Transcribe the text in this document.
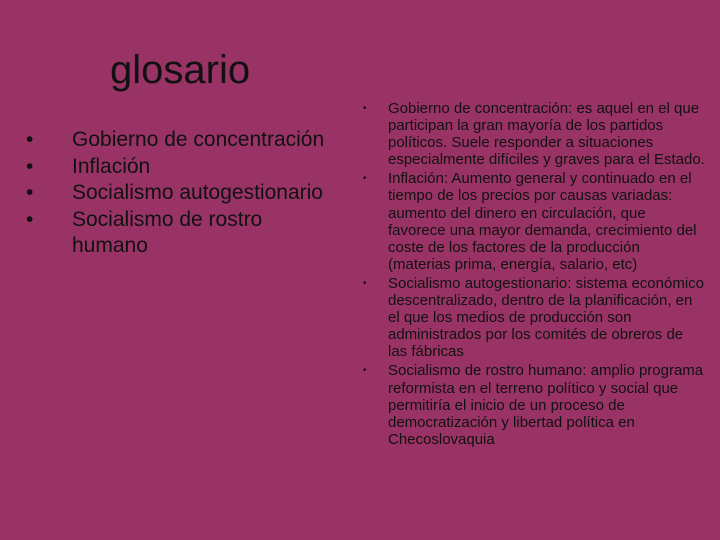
glosario
• Gobierno de concentración
• Inflación
• Socialismo autogestionario
• Socialismo de rostro humano
• Gobierno de concentración: es aquel en el que participan la gran mayoría de los partidos políticos. Suele responder a situaciones especialmente difíciles y graves para el Estado.
• Inflación: Aumento general y continuado en el tiempo de los precios por causas variadas: aumento del dinero en circulación, que favorece una mayor demanda, crecimiento del coste de los factores de la producción (materias prima, energía, salario, etc)
• Socialismo autogestionario: sistema económico descentralizado, dentro de la planificación, en el que los medios de producción son administrados por los comités de obreros de las fábricas
• Socialismo de rostro humano: amplio programa reformista en el terreno político y social que permitiría el inicio de un proceso de democratización y libertad política en Checoslovaquia
